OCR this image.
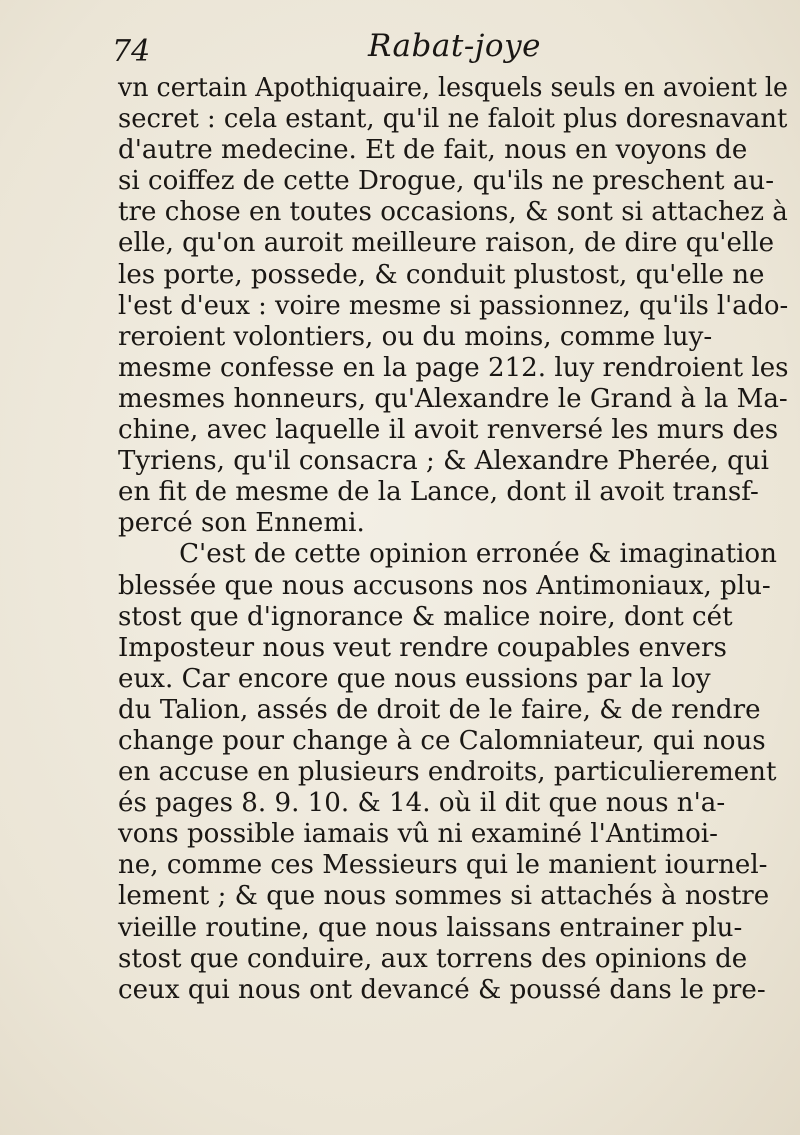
74	Rabat-joye
vn certain Apothiquaire, lesquels seuls en avoient le
secret : cela estant, qu'il ne faloit plus doresnavant
d'autre medecine. Et de fait, nous en voyons de
si coiffez de cette Drogue, qu'ils ne preschent au-
tre chose en toutes occasions, & sont si attachez à
elle, qu'on auroit meilleure raison, de dire qu'elle
les porte, possede, & conduit plustost, qu'elle ne
l'est d'eux : voire mesme si passionnez, qu'ils l'ado-
reroient volontiers, ou du moins, comme luy-
mesme confesse en la page 212. luy rendroient les
mesmes honneurs, qu'Alexandre le Grand à la Ma-
chine, avec laquelle il avoit renversé les murs des
Tyriens, qu'il consacra ; & Alexandre Pherée, qui
en fit de mesme de la Lance, dont il avoit transf-
percé son Ennemi.
C'est de cette opinion erronée & imagination
blessée que nous accusons nos Antimoniaux, plu-
stost que d'ignorance & malice noire, dont cét
Imposteur nous veut rendre coupables envers
eux. Car encore que nous eussions par la loy
du Talion, assés de droit de le faire, & de rendre
change pour change à ce Calomniateur, qui nous
en accuse en plusieurs endroits, particulierement
és pages 8. 9. 10. & 14. où il dit que nous n'a-
vons possible iamais vû ni examiné l'Antimoi-
ne, comme ces Messieurs qui le manient iournel-
lement ; & que nous sommes si attachés à nostre
vieille routine, que nous laissans entrainer plu-
stost que conduire, aux torrens des opinions de
ceux qui nous ont devancé & poussé dans le pre-
